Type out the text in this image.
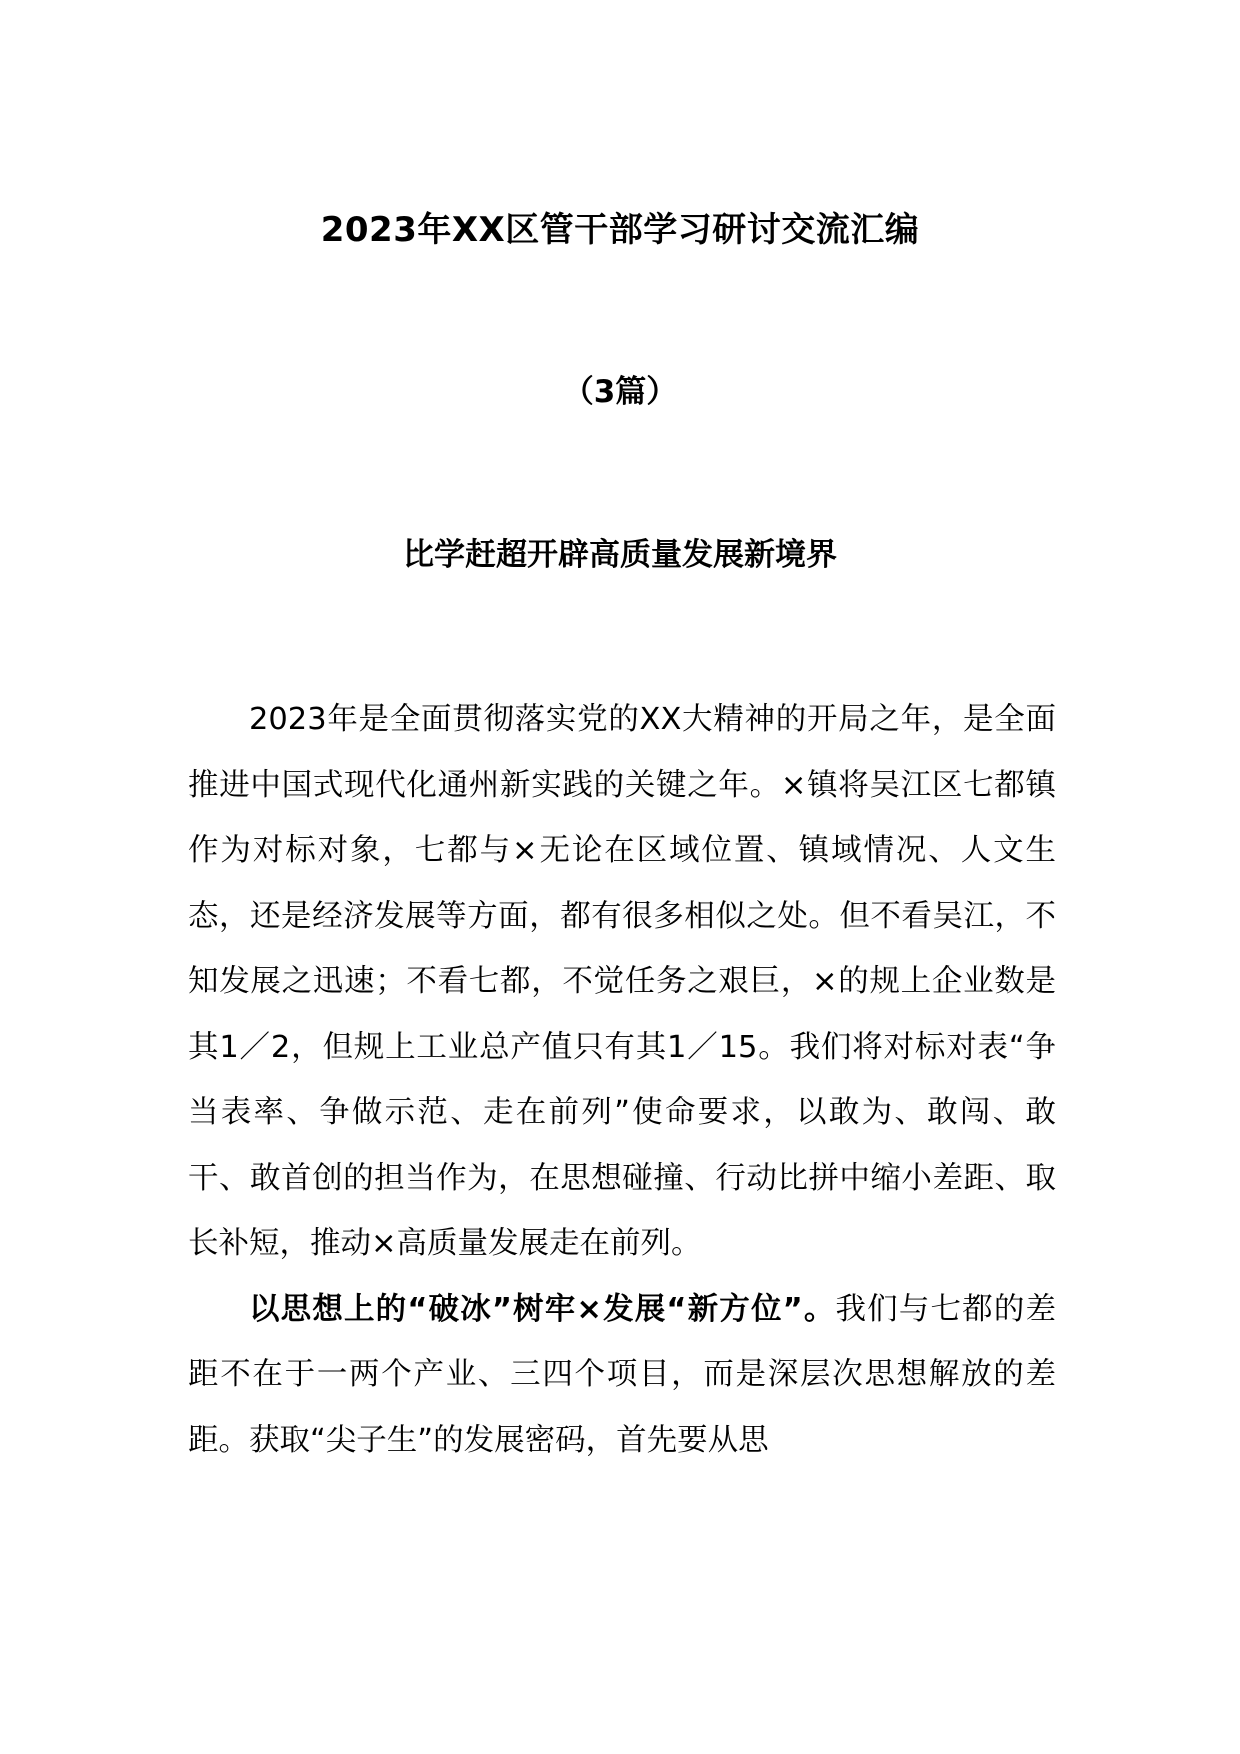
2023年XX区管干部学习研讨交流汇编
（3篇）
比学赶超开辟高质量发展新境界

2023年是全面贯彻落实党的XX大精神的开局之年，是全面推进中国式现代化通州新实践的关键之年。×镇将吴江区七都镇作为对标对象，七都与×无论在区域位置、镇域情况、人文生态，还是经济发展等方面，都有很多相似之处。但不看吴江，不知发展之迅速；不看七都，不觉任务之艰巨，×的规上企业数是其1／2，但规上工业总产值只有其1／15。我们将对标对表“争当表率、争做示范、走在前列”使命要求，以敢为、敢闯、敢干、敢首创的担当作为，在思想碰撞、行动比拼中缩小差距、取长补短，推动×高质量发展走在前列。

以思想上的“破冰”树牢×发展“新方位”。我们与七都的差距不在于一两个产业、三四个项目，而是深层次思想解放的差距。获取“尖子生”的发展密码，首先要从思
